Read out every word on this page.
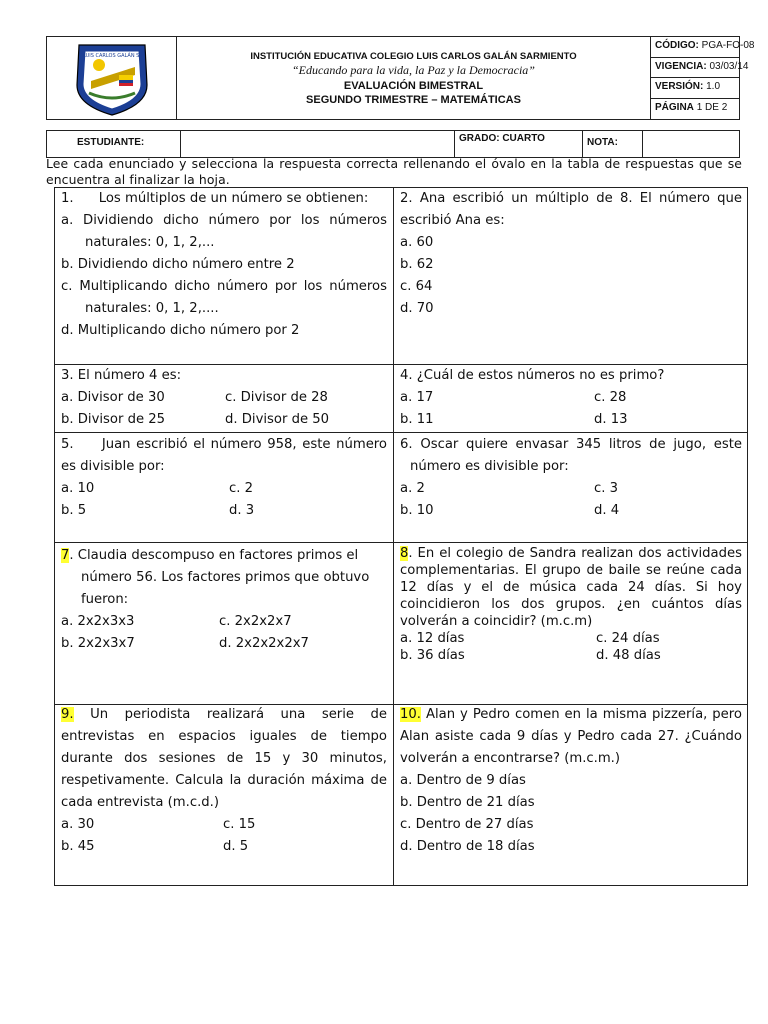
LUIS CARLOS GALÁN S.	INSTITUCIÓN EDUCATIVA COLEGIO LUIS CARLOS GALÁN SARMIENTO
“Educando para la vida, la Paz y la Democracia”
EVALUACIÓN BIMESTRAL
SEGUNDO TRIMESTRE – MATEMÁTICAS
CÓDIGO: PGA-FO-08
VIGENCIA: 03/03/14
VERSIÓN: 1.0
PÁGINA 1 DE 2
ESTUDIANTE:	GRADO: CUARTO	NOTA:
Lee cada enunciado y selecciona la respuesta correcta rellenando el óvalo en la tabla de respuestas que se encuentra al finalizar la hoja.

1. Los múltiplos de un número se obtienen:

a. Dividiendo dicho número por los números naturales: 0, 1, 2,...

b. Dividiendo dicho número entre 2

c. Multiplicando dicho número por los números naturales: 0, 1, 2,....

d. Multiplicando dicho número por 2

2. Ana escribió un múltiplo de 8. El número que escribió Ana es:

a. 60

b. 62

c. 64

d. 70

3. El número 4 es:

a. Divisor de 30	c. Divisor de 28
b. Divisor de 25	d. Divisor de 50

4. ¿Cuál de estos números no es primo?

a. 17	c. 28
b. 11	d. 13

5. Juan escribió el número 958, este número es divisible por:

a. 10	c. 2
b. 5	d. 3

6. Oscar quiere envasar 345 litros de jugo, este número es divisible por:

a. 2	c. 3
b. 10	d. 4

7. Claudia descompuso en factores primos el número 56. Los factores primos que obtuvo fueron:

a. 2x2x3x3	c. 2x2x2x7
b. 2x2x3x7	d. 2x2x2x2x7

8. En el colegio de Sandra realizan dos actividades complementarias. El grupo de baile se reúne cada 12 días y el de música cada 24 días. Si hoy coincidieron los dos grupos. ¿en cuántos días volverán a coincidir? (m.c.m)

a. 12 días	c. 24 días
b. 36 días	d. 48 días

9. Un periodista realizará una serie de entrevistas en espacios iguales de tiempo durante dos sesiones de 15 y 30 minutos, respetivamente. Calcula la duración máxima de cada entrevista (m.c.d.)

a. 30	c. 15
b. 45	d. 5

10. Alan y Pedro comen en la misma pizzería, pero Alan asiste cada 9 días y Pedro cada 27. ¿Cuándo volverán a encontrarse? (m.c.m.)

a. Dentro de 9 días

b. Dentro de 21 días

c. Dentro de 27 días

d. Dentro de 18 días
